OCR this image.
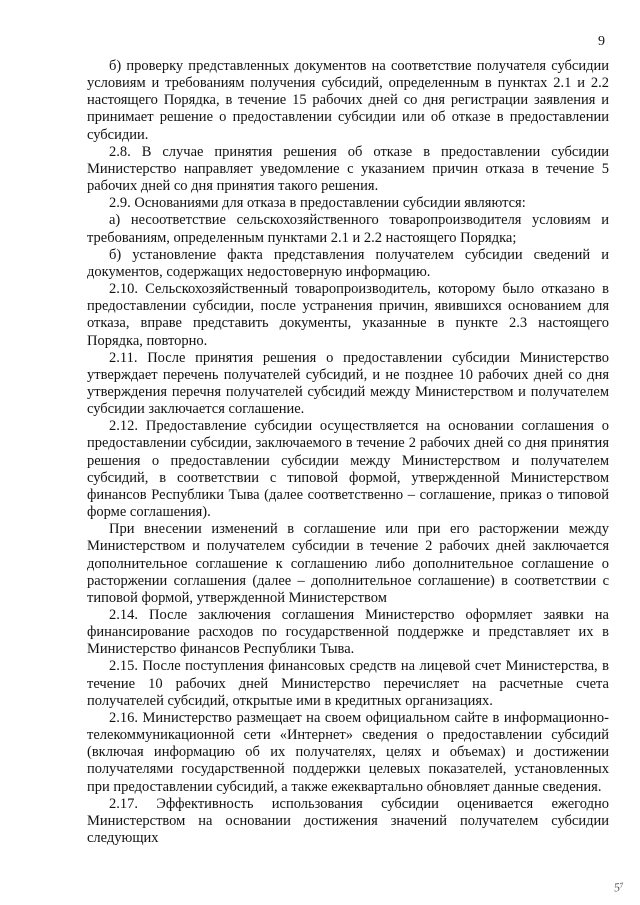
9

б) проверку представленных документов на соответствие получателя субсидии условиям и требованиям получения субсидий, определенным в пунктах 2.1 и 2.2 настоящего Порядка, в течение 15 рабочих дней со дня регистрации заявления и принимает решение о предоставлении субсидии или об отказе в предоставлении субсидии.

2.8. В случае принятия решения об отказе в предоставлении субсидии Министерство направляет уведомление с указанием причин отказа в течение 5 рабочих дней со дня принятия такого решения.

2.9. Основаниями для отказа в предоставлении субсидии являются:

а) несоответствие сельскохозяйственного товаропроизводителя условиям и требованиям, определенным пунктами 2.1 и 2.2 настоящего Порядка;

б) установление факта представления получателем субсидии сведений и документов, содержащих недостоверную информацию.

2.10. Сельскохозяйственный товаропроизводитель, которому было отказано в предоставлении субсидии, после устранения причин, явившихся основанием для отказа, вправе представить документы, указанные в пункте 2.3 настоящего Порядка, повторно.

2.11. После принятия решения о предоставлении субсидии Министерство утверждает перечень получателей субсидий, и не позднее 10 рабочих дней со дня утверждения перечня получателей субсидий между Министерством и получателем субсидии заключается соглашение.

2.12. Предоставление субсидии осуществляется на основании соглашения о предоставлении субсидии, заключаемого в течение 2 рабочих дней со дня принятия решения о предоставлении субсидии между Министерством и получателем субсидий, в соответствии с типовой формой, утвержденной Министерством финансов Республики Тыва (далее соответственно – соглашение, приказ о типовой форме соглашения).

При внесении изменений в соглашение или при его расторжении между Министерством и получателем субсидии в течение 2 рабочих дней заключается дополнительное соглашение к соглашению либо дополнительное соглашение о расторжении соглашения (далее – дополнительное соглашение) в соответствии с типовой формой, утвержденной Министерством

2.14. После заключения соглашения Министерство оформляет заявки на финансирование расходов по государственной поддержке и представляет их в Министерство финансов Республики Тыва.

2.15. После поступления финансовых средств на лицевой счет Министерства, в течение 10 рабочих дней Министерство перечисляет на расчетные счета получателей субсидий, открытые ими в кредитных организациях.

2.16. Министерство размещает на своем официальном сайте в информационно-телекоммуникационной сети «Интернет» сведения о предоставлении субсидий (включая информацию об их получателях, целях и объемах) и достижении получателями государственной поддержки целевых показателей, установленных при предоставлении субсидий, а также ежеквартально обновляет данные сведения.

2.17. Эффективность использования субсидии оценивается ежегодно Министерством на основании достижения значений получателем субсидии следующих

5⁷
